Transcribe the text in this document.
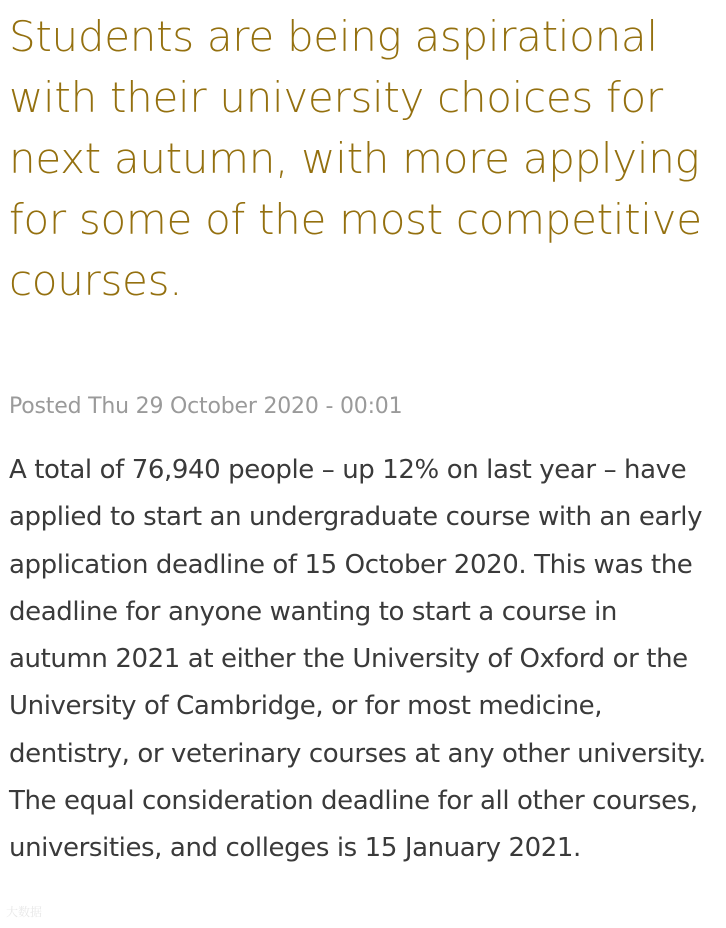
Students are being aspirational with their university choices for next autumn, with more applying for some of the most competitive courses.
Posted Thu 29 October 2020 - 00:01

A total of 76,940 people – up 12% on last year – have applied to start an undergraduate course with an early application deadline of 15 October 2020. This was the deadline for anyone wanting to start a course in autumn 2021 at either the University of Oxford or the University of Cambridge, or for most medicine, dentistry, or veterinary courses at any other university. The equal consideration deadline for all other courses, universities, and colleges is 15 January 2021.

大数据
